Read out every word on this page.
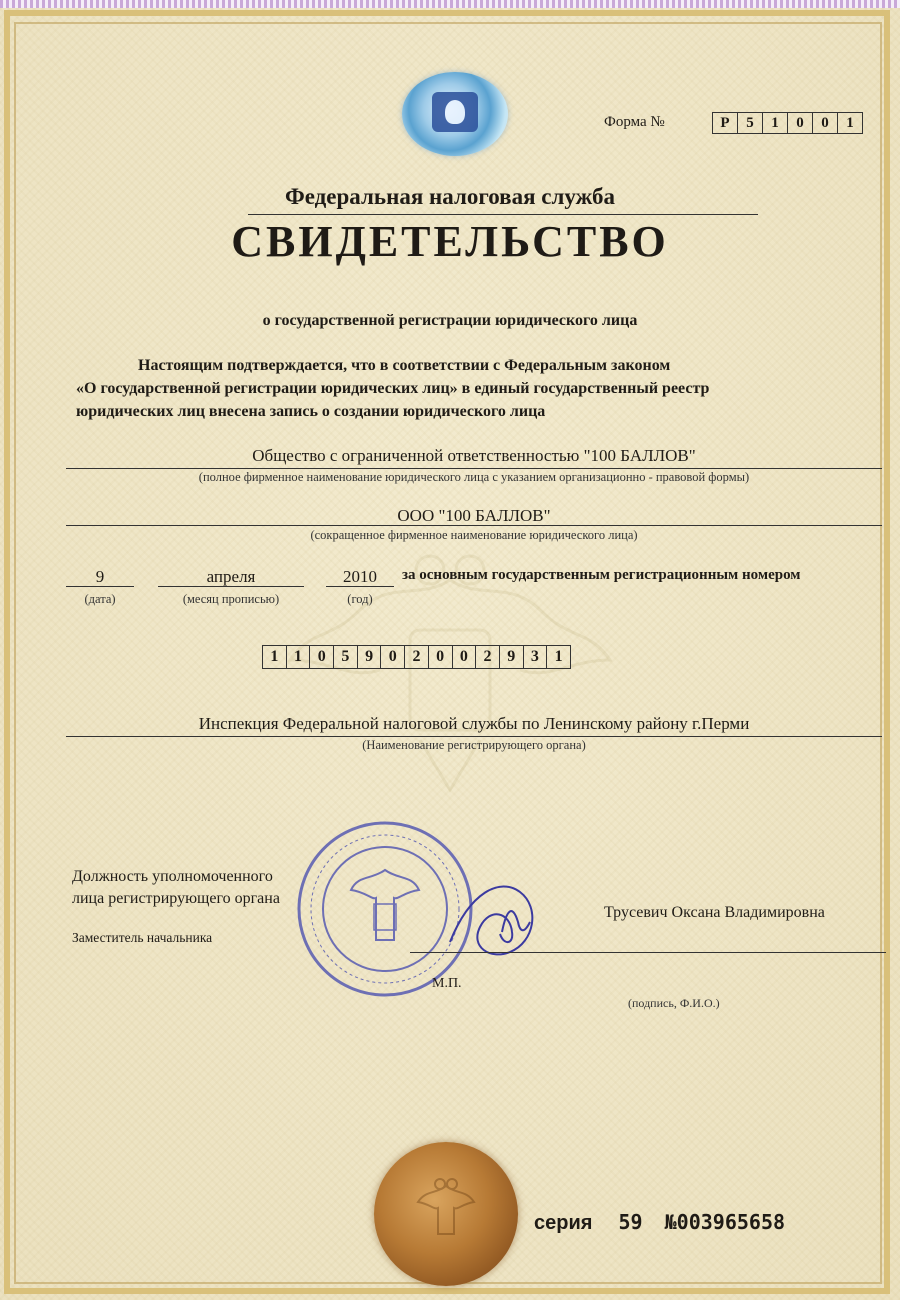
Форма №	Р	5	1	0	0	1
Федеральная налоговая служба
СВИДЕТЕЛЬСТВО
о государственной регистрации юридического лица
Настоящим подтверждается, что в соответствии с Федеральным законом
«О государственной регистрации юридических лиц» в единый государственный реестр
юридических лиц внесена запись о создании юридического лица
Общество с ограниченной ответственностью "100 БАЛЛОВ"
(полное фирменное наименование юридического лица с указанием организационно - правовой формы)
ООО "100 БАЛЛОВ"
(сокращенное фирменное наименование юридического лица)
9
(дата)
апреля
(месяц прописью)
2010
(год)
за основным государственным регистрационным номером
1 1 0 5 9 0 2 0 0 2 9 3 1
Инспекция Федеральной налоговой службы по Ленинскому району г.Перми
(Наименование регистрирующего органа)
Должность уполномоченного
лица регистрирующего органа
Заместитель начальника
Трусевич Оксана Владимировна
М.П.
(подпись, Ф.И.О.)
серия 59 №003965658
